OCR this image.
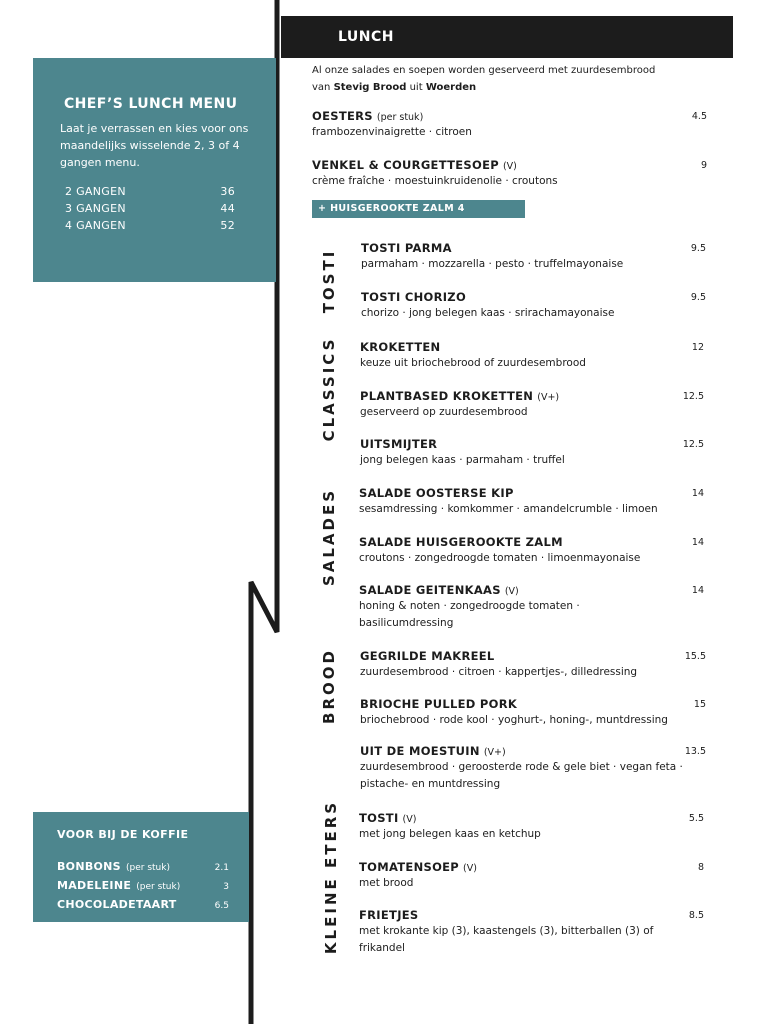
CHEF’S LUNCH MENU
Laat je verrassen en kies voor ons maandelijks wisselende 2, 3 of 4 gangen menu.
2 GANGEN	36
3 GANGEN	44
4 GANGEN	52
VOOR BIJ DE KOFFIE
BONBONS (per stuk)	2.1
MADELEINE (per stuk)	3
CHOCOLADETAART	6.5
LUNCH
Al onze salades en soepen worden geserveerd met zuurdesembrood
van Stevig Brood uit Woerden
OESTERS (per stuk)	4.5
frambozenvinaigrette · citroen
VENKEL & COURGETTESOEP (V)	9
crème fraîche · moestuinkruidenolie · croutons
+ HUISGEROOKTE ZALM 4
TOSTI
CLASSICS
SALADES
BROOD
KLEINE ETERS
TOSTI PARMA	9.5
parmaham · mozzarella · pesto · truffelmayonaise
TOSTI CHORIZO	9.5
chorizo · jong belegen kaas · srirachamayonaise
KROKETTEN	12
keuze uit briochebrood of zuurdesembrood
PLANTBASED KROKETTEN (V+)	12.5
geserveerd op zuurdesembrood
UITSMIJTER	12.5
jong belegen kaas · parmaham · truffel
SALADE OOSTERSE KIP	14
sesamdressing · komkommer · amandelcrumble · limoen
SALADE HUISGEROOKTE ZALM	14
croutons · zongedroogde tomaten · limoenmayonaise
SALADE GEITENKAAS (V)	14
honing & noten · zongedroogde tomaten · basilicumdressing
GEGRILDE MAKREEL	15.5
zuurdesembrood · citroen · kappertjes-, dilledressing
BRIOCHE PULLED PORK	15
briochebrood · rode kool · yoghurt-, honing-, muntdressing
UIT DE MOESTUIN (V+)	13.5
zuurdesembrood · geroosterde rode & gele biet · vegan feta · pistache- en muntdressing
TOSTI (V)	5.5
met jong belegen kaas en ketchup
TOMATENSOEP (V)	8
met brood
FRIETJES	8.5
met krokante kip (3), kaastengels (3), bitterballen (3) of frikandel
